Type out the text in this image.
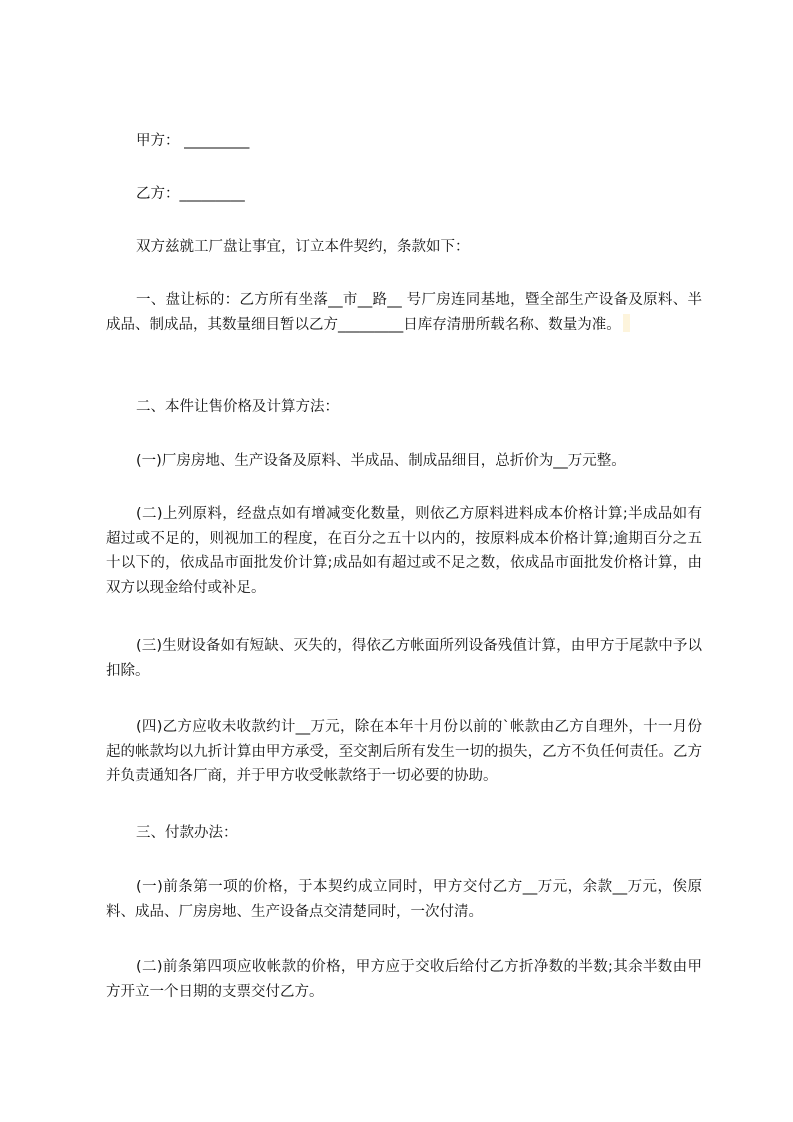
甲方： _________

乙方：_________

双方兹就工厂盘让事宜，订立本件契约，条款如下：

一、盘让标的：乙方所有坐落__市__路__ 号厂房连同基地，暨全部生产设备及原料、半成品、制成品，其数量细目暂以乙方_________日库存清册所载名称、数量为准。

二、本件让售价格及计算方法：

(一)厂房房地、生产设备及原料、半成品、制成品细目，总折价为__万元整。

(二)上列原料，经盘点如有增减变化数量，则依乙方原料进料成本价格计算;半成品如有超过或不足的，则视加工的程度，在百分之五十以内的，按原料成本价格计算;逾期百分之五十以下的，依成品市面批发价计算;成品如有超过或不足之数，依成品市面批发价格计算，由双方以现金给付或补足。

(三)生财设备如有短缺、灭失的，得依乙方帐面所列设备残值计算，由甲方于尾款中予以扣除。

(四)乙方应收未收款约计__万元，除在本年十月份以前的`帐款由乙方自理外，十一月份起的帐款均以九折计算由甲方承受，至交割后所有发生一切的损失，乙方不负任何责任。乙方并负责通知各厂商，并于甲方收受帐款络于一切必要的协助。

三、付款办法：

(一)前条第一项的价格，于本契约成立同时，甲方交付乙方__万元，余款__万元，俟原料、成品、厂房房地、生产设备点交清楚同时，一次付清。

(二)前条第四项应收帐款的价格，甲方应于交收后给付乙方折净数的半数;其余半数由甲方开立一个日期的支票交付乙方。
